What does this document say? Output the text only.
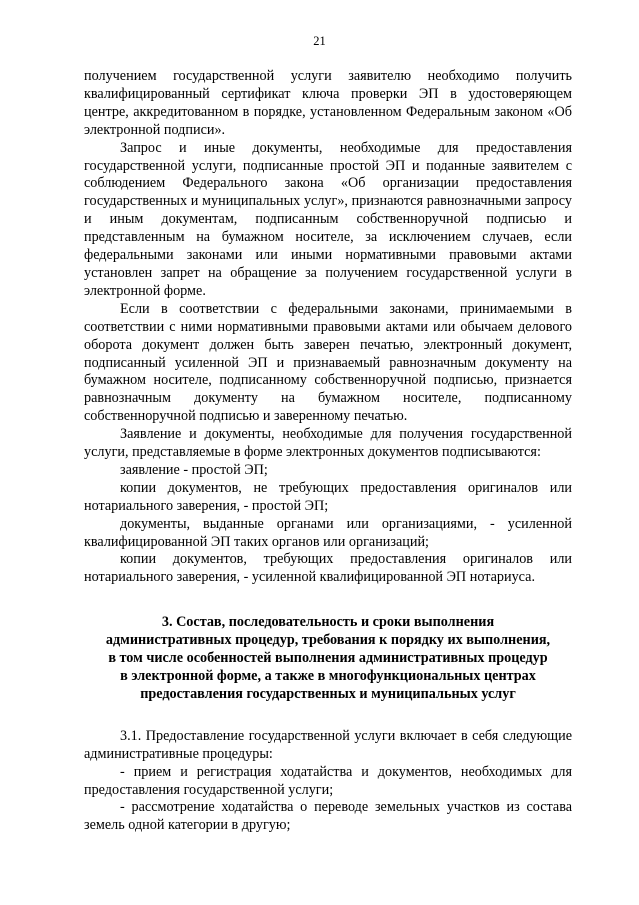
21

получением государственной услуги заявителю необходимо получить квалифицированный сертификат ключа проверки ЭП в удостоверяющем центре, аккредитованном в порядке, установленном Федеральным законом «Об электронной подписи».

Запрос и иные документы, необходимые для предоставления государственной услуги, подписанные простой ЭП и поданные заявителем с соблюдением Федерального закона «Об организации предоставления государственных и муниципальных услуг», признаются равнозначными запросу и иным документам, подписанным собственноручной подписью и представленным на бумажном носителе, за исключением случаев, если федеральными законами или иными нормативными правовыми актами установлен запрет на обращение за получением государственной услуги в электронной форме.

Если в соответствии с федеральными законами, принимаемыми в соответствии с ними нормативными правовыми актами или обычаем делового оборота документ должен быть заверен печатью, электронный документ, подписанный усиленной ЭП и признаваемый равнозначным документу на бумажном носителе, подписанному собственноручной подписью, признается равнозначным документу на бумажном носителе, подписанному собственноручной подписью и заверенному печатью.

Заявление и документы, необходимые для получения государственной услуги, представляемые в форме электронных документов подписываются:

заявление - простой ЭП;

копии документов, не требующих предоставления оригиналов или нотариального заверения, - простой ЭП;

документы, выданные органами или организациями, - усиленной квалифицированной ЭП таких органов или организаций;

копии документов, требующих предоставления оригиналов или нотариального заверения, - усиленной квалифицированной ЭП нотариуса.

3. Состав, последовательность и сроки выполнения
административных процедур, требования к порядку их выполнения,
в том числе особенностей выполнения административных процедур
в электронной форме, а также в многофункциональных центрах
предоставления государственных и муниципальных услуг

3.1. Предоставление государственной услуги включает в себя следующие административные процедуры:

- прием и регистрация ходатайства и документов, необходимых для предоставления государственной услуги;

- рассмотрение ходатайства о переводе земельных участков из состава земель одной категории в другую;
